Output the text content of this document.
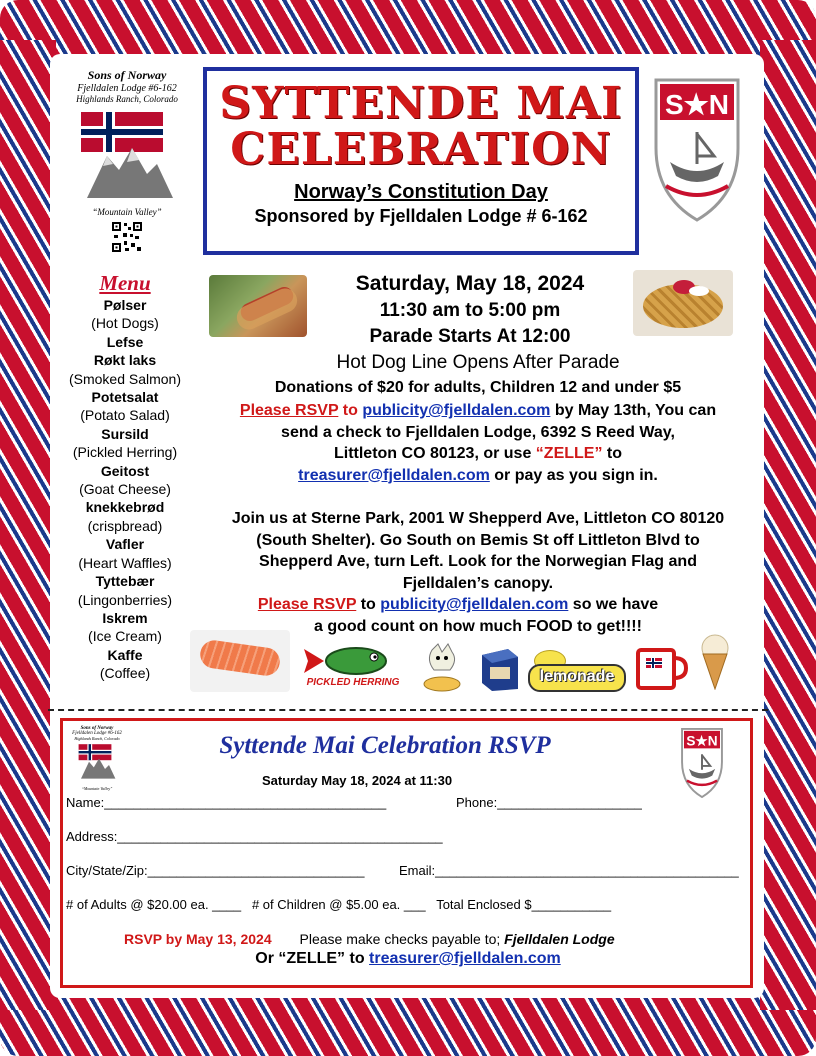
Sons of Norway
Fjelldalen Lodge #6-162
Highlands Ranch, Colorado
“Mountain Valley”
SYTTENDE MAI
CELEBRATION
Norway’s Constitution Day
Sponsored by Fjelldalen Lodge # 6-162
S★N
Saturday, May 18, 2024
11:30 am to 5:00 pm
Parade Starts At 12:00
Hot Dog Line Opens After Parade
Donations of $20 for adults, Children 12 and under $5
Please RSVP to publicity@fjelldalen.com by May 13th, You can
send a check to Fjelldalen Lodge, 6392 S Reed Way,
Littleton CO 80123, or use “ZELLE” to
treasurer@fjelldalen.com or pay as you sign in.
Join us at Sterne Park, 2001 W Shepperd Ave, Littleton CO 80120
(South Shelter). Go South on Bemis St off Littleton Blvd to
Shepperd Ave, turn Left. Look for the Norwegian Flag and
Fjelldalen’s canopy.
Please RSVP to publicity@fjelldalen.com so we have
a good count on how much FOOD to get!!!!
Menu
Pølser
(Hot Dogs)
Lefse
Røkt laks
(Smoked Salmon)
Potetsalat
(Potato Salad)
Sursild
(Pickled Herring)
Geitost
(Goat Cheese)
knekkebrød
(crispbread)
Vafler
(Heart Waffles)
Tyttebær
(Lingonberries)
Iskrem
(Ice Cream)
Kaffe
(Coffee)
PICKLED HERRING	lemonade
Sons of Norway
Fjelldalen Lodge #6-162
Highlands Ranch, Colorado
“Mountain Valley”
S★N
Syttende Mai Celebration RSVP
Saturday May 18, 2024 at 11:30
Name:_______________________________________	Phone:____________________
Address:_____________________________________________
City/State/Zip:______________________________	Email:__________________________________________
# of Adults @ $20.00 ea. ____   # of Children @ $5.00 ea. ___   Total Enclosed $___________
RSVP by May 13, 2024 Please make checks payable to; Fjelldalen Lodge
Or “ZELLE” to treasurer@fjelldalen.com
